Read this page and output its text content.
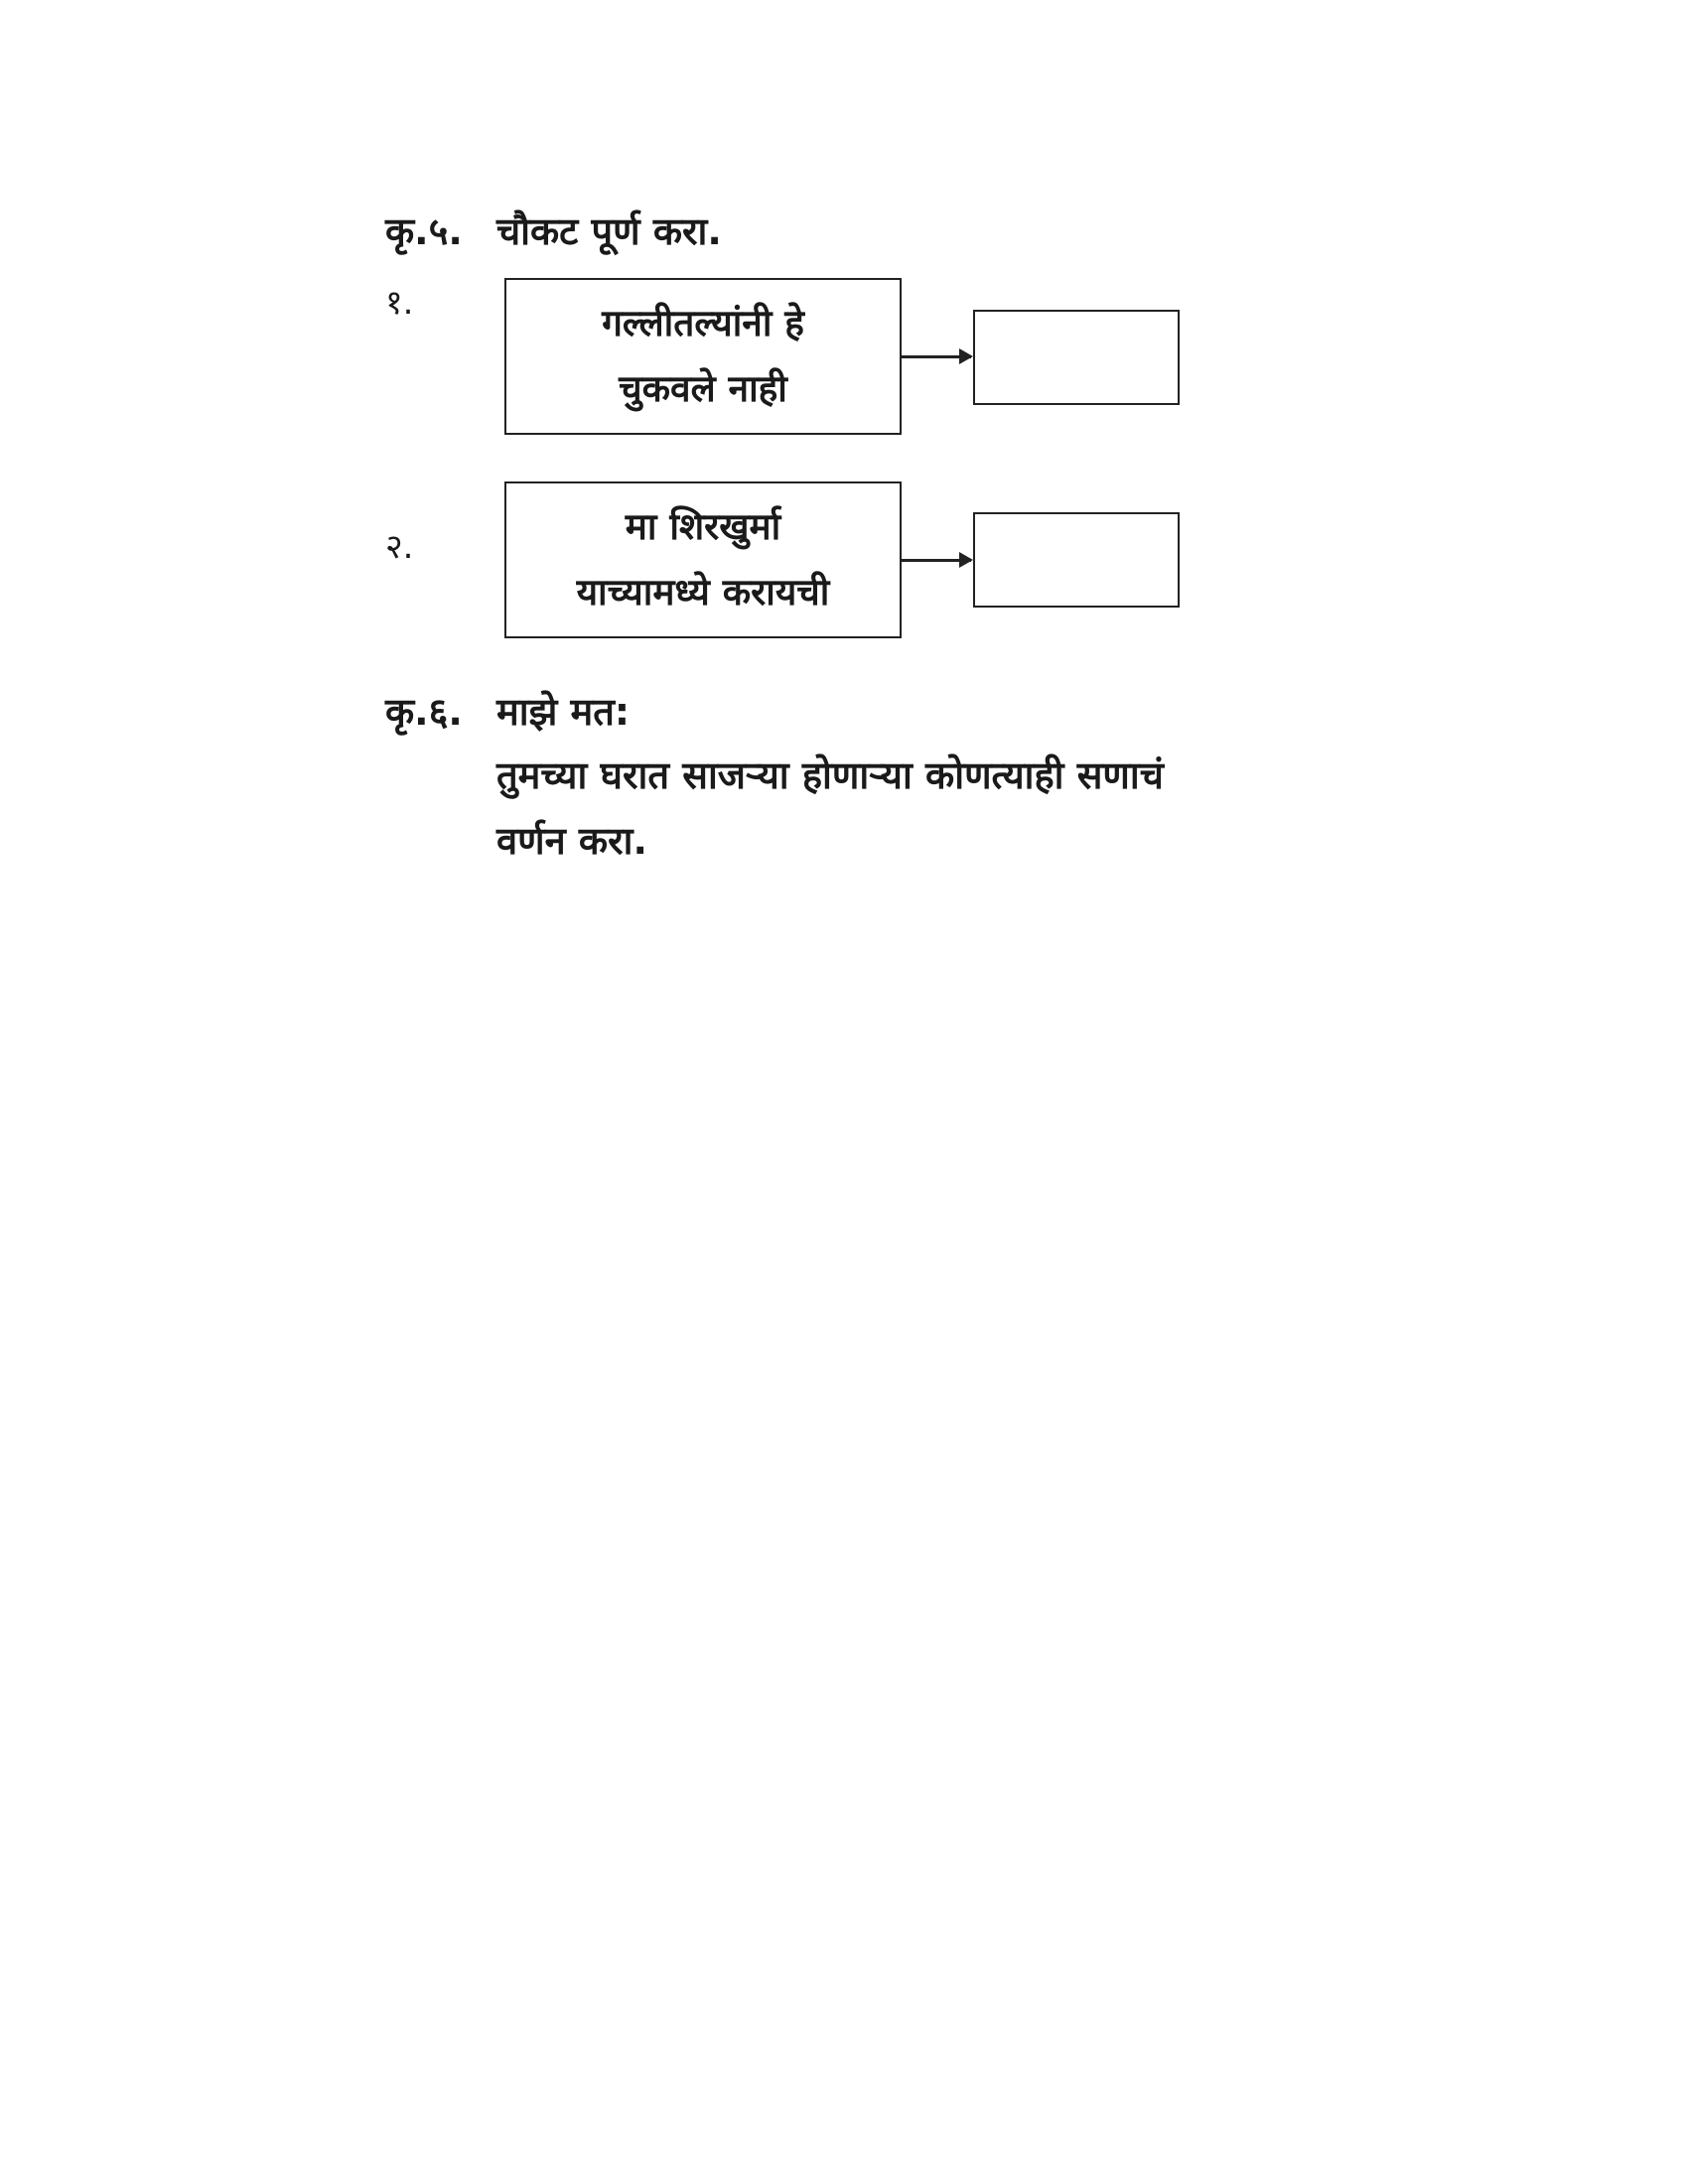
कृ.५. चौकट पूर्ण करा.
१.	गल्लीतल्यांनी हे
चुकवले नाही
२.	मा शिरखुर्मा
याच्यामध्ये करायची
कृ.६. माझे मत:
तुमच्या घरात साजऱ्या होणाऱ्या कोणत्याही सणाचं
वर्णन करा.
